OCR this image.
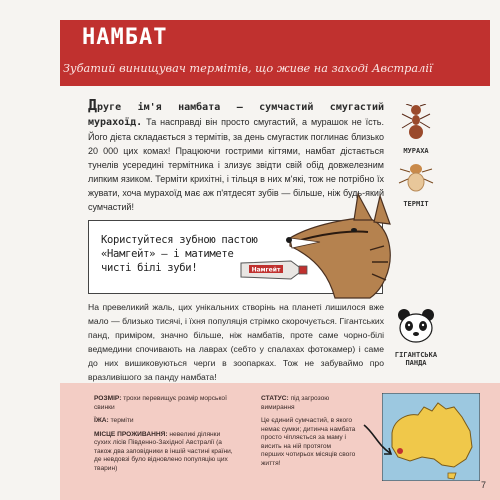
НАМБАТ
Зубатий винищувач термітів, що живе на заході Австралії
Друге ім'я намбата — сумчастий смугастий мурахоїд. Та насправді він просто смугастий, а мурашок не їсть. Його дієта складається з термітів, за день смугастик поглинає близько 20 000 цих комах! Працюючи гострими кігтями, намбат дістається тунелів усередині термітника і злизує звідти свій обід довжелезним липким язиком. Терміти крихітні, і тільця в них м'які, тож не потрібно їх жувати, хоча мурахоїд має аж п'ятдесят зубів — більше, ніж будь-який сумчастий!
МУРАХА
ТЕРМІТ
Користуйтеся зубною пастою
«Намгейт» — і матимете
чисті білі зуби!	Намгейт
На превеликий жаль, цих унікальних створінь на планеті лишилося вже мало — близько тисячі, і їхня популяція стрімко скорочується. Гігантських панд, приміром, значно більше, ніж намбатів, проте саме чорно-білі ведмедини спочивають на лаврах (себто у спалахах фотокамер) і саме до них вишиковуються черги в зоопарках. Тож не забуваймо про вразливішого за панду намбата!
ГІГАНТСЬКА ПАНДА

РОЗМІР: трохи перевищує розмір морської свинки

ЇЖА: терміти

МІСЦЕ ПРОЖИВАННЯ: невеликі ділянки сухих лісів Південно-Західної Австралії (а також два заповідники в іншій частині країни, де невдовзі було відновлено популяцію цих тварин)

СТАТУС: під загрозою вимирання

Це єдиний сумчастий, в якого немає сумки; дитинча намбата просто чіпляється за маму і висить на ній протягом перших чотирьох місяців свого життя!

7
